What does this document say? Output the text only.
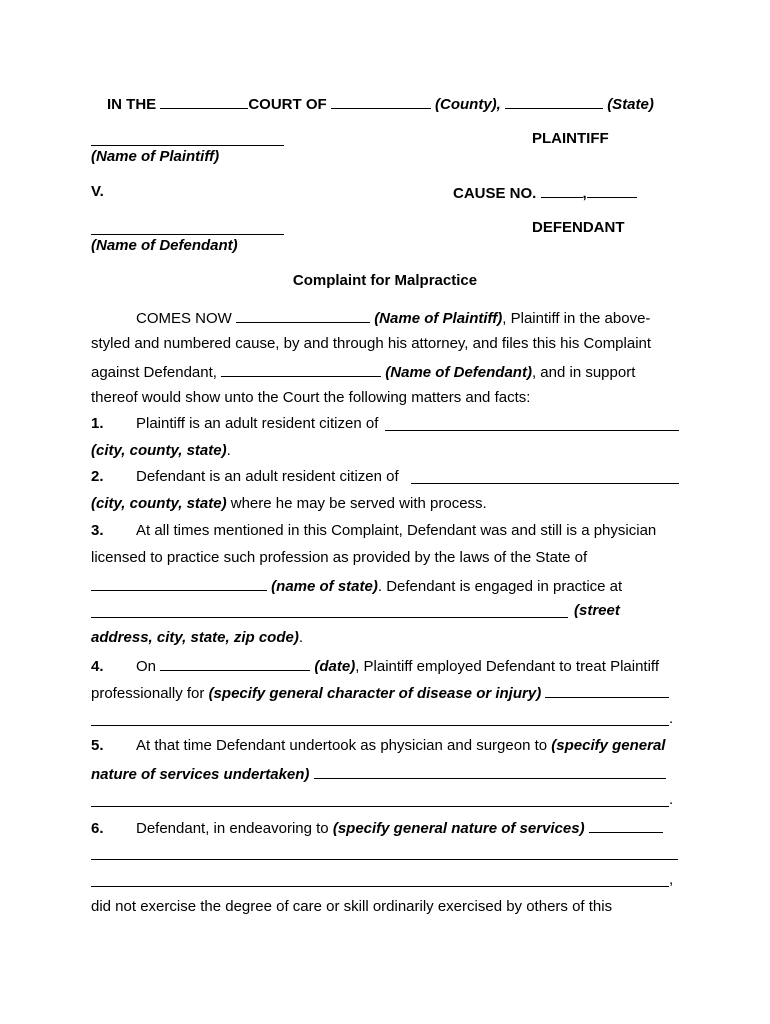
IN THE	COURT OF	(County),	(State)
PLAINTIFF
(Name of Plaintiff)
V.	CAUSE NO.	,
DEFENDANT
(Name of Defendant)
Complaint for Malpractice
COMES NOW	(Name of Plaintiff), Plaintiff in the above-
styled and numbered cause, by and through his attorney, and files this his Complaint
against Defendant,	(Name of Defendant), and in support
thereof would show unto the Court the following matters and facts:
1. Plaintiff is an adult resident citizen of
(city, county, state).
2. Defendant is an adult resident citizen of
(city, county, state) where he may be served with process.
3. At all times mentioned in this Complaint, Defendant was and still is a physician
licensed to practice such profession as provided by the laws of the State of
(name of state). Defendant is engaged in practice at
(street
address, city, state, zip code).
4. On	(date), Plaintiff employed Defendant to treat Plaintiff
professionally for (specify general character of disease or injury)
.
5. At that time Defendant undertook as physician and surgeon to (specify general
nature of services undertaken)
.
6. Defendant, in endeavoring to (specify general nature of services)
,
did not exercise the degree of care or skill ordinarily exercised by others of this
